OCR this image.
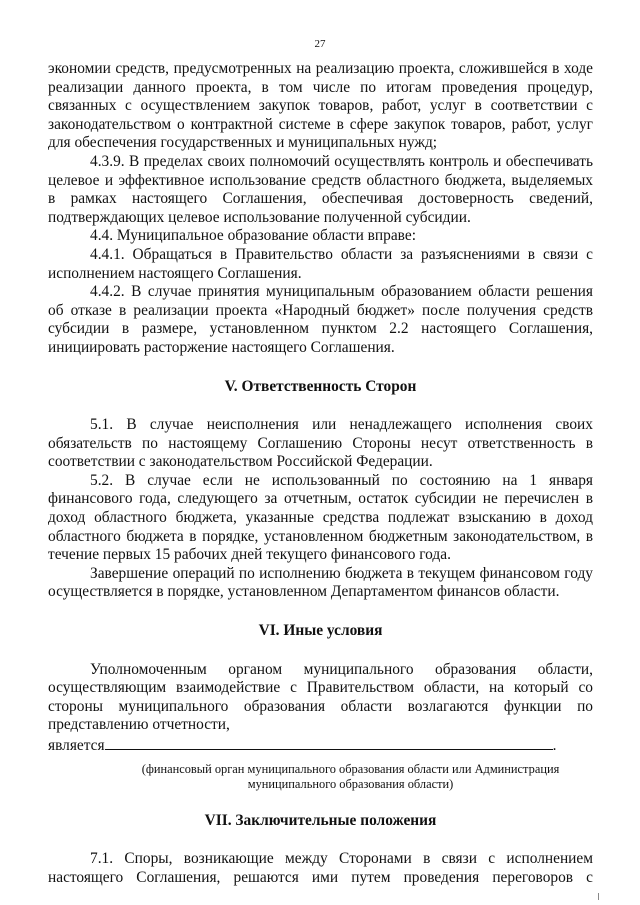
27

экономии средств, предусмотренных на реализацию проекта, сложившейся в ходе реализации данного проекта, в том числе по итогам проведения процедур, связанных с осуществлением закупок товаров, работ, услуг в соответствии с законодательством о контрактной системе в сфере закупок товаров, работ, услуг для обеспечения государственных и муниципальных нужд;

4.3.9. В пределах своих полномочий осуществлять контроль и обеспечивать целевое и эффективное использование средств областного бюджета, выделяемых в рамках настоящего Соглашения, обеспечивая достоверность сведений, подтверждающих целевое использование полученной субсидии.

4.4. Муниципальное образование области вправе:

4.4.1. Обращаться в Правительство области за разъяснениями в связи с исполнением настоящего Соглашения.

4.4.2. В случае принятия муниципальным образованием области решения об отказе в реализации проекта «Народный бюджет» после получения средств субсидии в размере, установленном пунктом 2.2 настоящего Соглашения, инициировать расторжение настоящего Соглашения.

V. Ответственность Сторон

5.1. В случае неисполнения или ненадлежащего исполнения своих обязательств по настоящему Соглашению Стороны несут ответственность в соответствии с законодательством Российской Федерации.

5.2. В случае если не использованный по состоянию на 1 января финансового года, следующего за отчетным, остаток субсидии не перечислен в доход областного бюджета, указанные средства подлежат взысканию в доход областного бюджета в порядке, установленном бюджетным законодательством, в течение первых 15 рабочих дней текущего финансового года.

Завершение операций по исполнению бюджета в текущем финансовом году осуществляется в порядке, установленном Департаментом финансов области.

VI. Иные условия

Уполномоченным органом муниципального образования области, осуществляющим взаимодействие с Правительством области, на который со стороны муниципального образования области возлагаются функции по представлению отчетности,

является	.

(финансовый орган муниципального образования области или Администрация муниципального образования области)

VII. Заключительные положения

7.1. Споры, возникающие между Сторонами в связи с исполнением настоящего Соглашения, решаются ими путем проведения переговоров с
